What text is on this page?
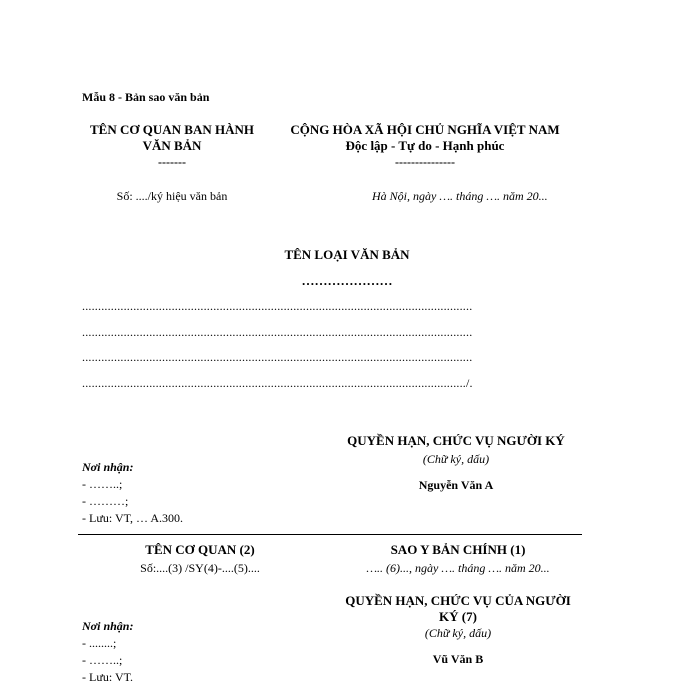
Mẫu 8 - Bản sao văn bản
TÊN CƠ QUAN BAN HÀNH
VĂN BẢN
-------
CỘNG HÒA XÃ HỘI CHỦ NGHĨA VIỆT NAM
Độc lập - Tự do - Hạnh phúc
---------------
Số: ..../ký hiệu văn bản	Hà Nội, ngày …. tháng …. năm 20...
TÊN LOẠI VĂN BẢN
…………………
..........................................................................................................................
..........................................................................................................................
..........................................................................................................................
......................................................................................................................../.
QUYỀN HẠN, CHỨC VỤ NGƯỜI KÝ
(Chữ ký, dấu)
Nguyễn Văn A
Nơi nhận:
- ……..;
- ………;
- Lưu: VT, … A.300.
TÊN CƠ QUAN (2)
Số:....(3) /SY(4)-....(5)....
SAO Y BẢN CHÍNH (1)
….. (6)..., ngày …. tháng …. năm 20...
QUYỀN HẠN, CHỨC VỤ CỦA NGƯỜI
KÝ (7)
(Chữ ký, dấu)
Vũ Văn B
Nơi nhận:
- ........;
- ……..;
- Lưu: VT.
